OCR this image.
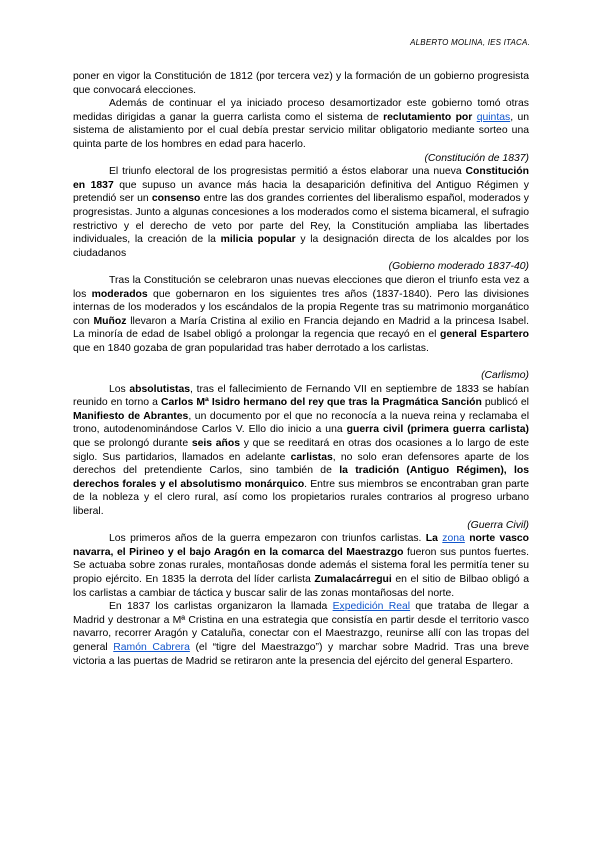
ALBERTO MOLINA, IES ITACA.

poner en vigor la Constitución de 1812 (por tercera vez) y la formación de un gobierno progresista que convocará elecciones.

Además de continuar el ya iniciado proceso desamortizador este gobierno tomó otras medidas dirigidas a ganar la guerra carlista como el sistema de reclutamiento por quintas, un sistema de alistamiento por el cual debía prestar servicio militar obligatorio mediante sorteo una quinta parte de los hombres en edad para hacerlo.

(Constitución de 1837)

El triunfo electoral de los progresistas permitió a éstos elaborar una nueva Constitución en 1837 que supuso un avance más hacia la desaparición definitiva del Antiguo Régimen y pretendió ser un consenso entre las dos grandes corrientes del liberalismo español, moderados y progresistas. Junto a algunas concesiones a los moderados como el sistema bicameral, el sufragio restrictivo y el derecho de veto por parte del Rey, la Constitución ampliaba las libertades individuales, la creación de la milicia popular y la designación directa de los alcaldes por los ciudadanos

(Gobierno moderado 1837-40)

Tras la Constitución se celebraron unas nuevas elecciones que dieron el triunfo esta vez a los moderados que gobernaron en los siguientes tres años (1837-1840). Pero las divisiones internas de los moderados y los escándalos de la propia Regente tras su matrimonio morganático con Muñoz llevaron a María Cristina al exilio en Francia dejando en Madrid a la princesa Isabel. La minoría de edad de Isabel obligó a prolongar la regencia que recayó en el general Espartero que en 1840 gozaba de gran popularidad tras haber derrotado a los carlistas.

(Carlismo)

Los absolutistas, tras el fallecimiento de Fernando VII en septiembre de 1833 se habían reunido en torno a Carlos Mª Isidro hermano del rey que tras la Pragmática Sanción publicó el Manifiesto de Abrantes, un documento por el que no reconocía a la nueva reina y reclamaba el trono, autodenominándose Carlos V. Ello dio inicio a una guerra civil (primera guerra carlista) que se prolongó durante seis años y que se reeditará en otras dos ocasiones a lo largo de este siglo. Sus partidarios, llamados en adelante carlistas, no solo eran defensores aparte de los derechos del pretendiente Carlos, sino también de la tradición (Antiguo Régimen), los derechos forales y el absolutismo monárquico. Entre sus miembros se encontraban gran parte de la nobleza y el clero rural, así como los propietarios rurales contrarios al progreso urbano liberal.

(Guerra Civil)

Los primeros años de la guerra empezaron con triunfos carlistas. La zona norte vasco navarra, el Pirineo y el bajo Aragón en la comarca del Maestrazgo fueron sus puntos fuertes. Se actuaba sobre zonas rurales, montañosas donde además el sistema foral les permitía tener su propio ejército. En 1835 la derrota del líder carlista Zumalacárregui en el sitio de Bilbao obligó a los carlistas a cambiar de táctica y buscar salir de las zonas montañosas del norte.

En 1837 los carlistas organizaron la llamada Expedición Real que trataba de llegar a Madrid y destronar a Mª Cristina en una estrategia que consistía en partir desde el territorio vasco navarro, recorrer Aragón y Cataluña, conectar con el Maestrazgo, reunirse allí con las tropas del general Ramón Cabrera (el “tigre del Maestrazgo”) y marchar sobre Madrid. Tras una breve victoria a las puertas de Madrid se retiraron ante la presencia del ejército del general Espartero.
